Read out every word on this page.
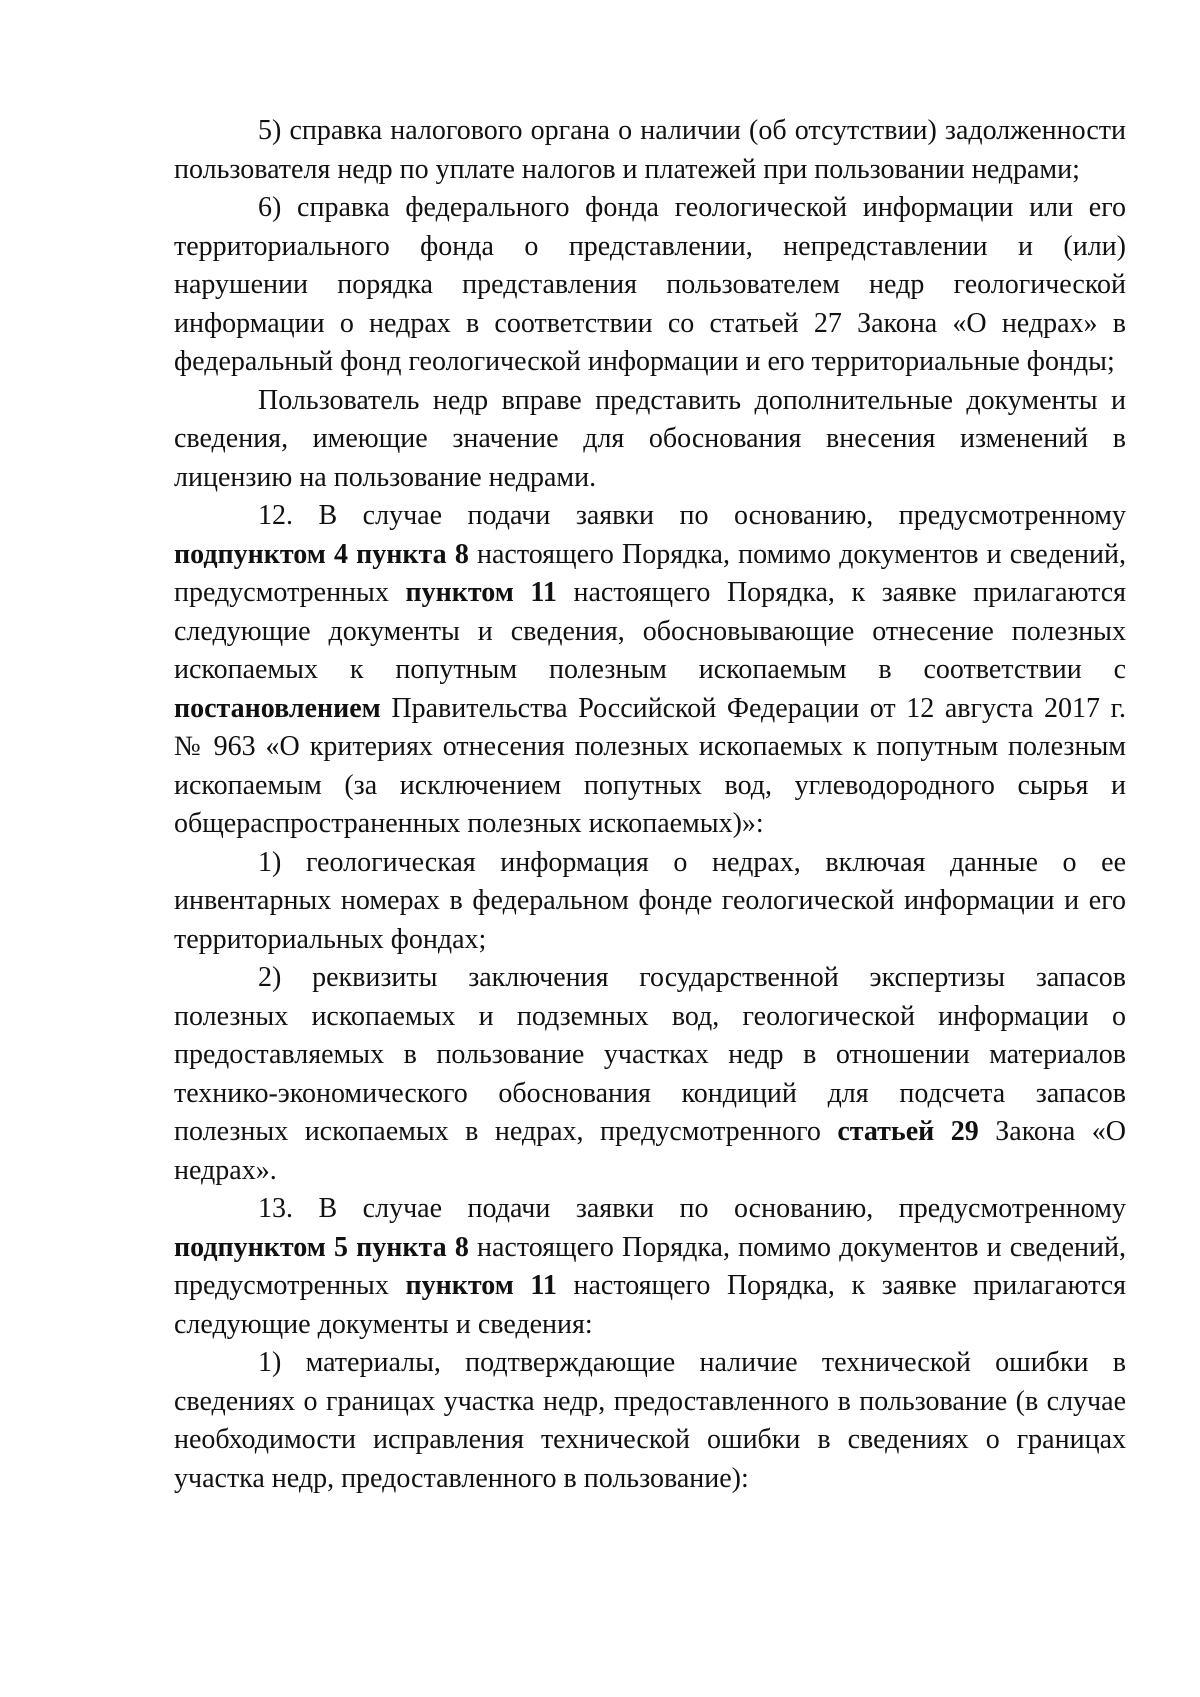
5) справка налогового органа о наличии (об отсутствии) задолженности пользователя недр по уплате налогов и платежей при пользовании недрами;

6) справка федерального фонда геологической информации или его территориального фонда о представлении, непредставлении и (или) нарушении порядка представления пользователем недр геологической информации о недрах в соответствии со статьей 27 Закона «О недрах» в федеральный фонд геологической информации и его территориальные фонды;

Пользователь недр вправе представить дополнительные документы и сведения, имеющие значение для обоснования внесения изменений в лицензию на пользование недрами.

12. В случае подачи заявки по основанию, предусмотренному подпунктом 4 пункта 8 настоящего Порядка, помимо документов и сведений, предусмотренных пунктом 11 настоящего Порядка, к заявке прилагаются следующие документы и сведения, обосновывающие отнесение полезных ископаемых к попутным полезным ископаемым в соответствии с постановлением Правительства Российской Федерации от 12 августа 2017 г. № 963 «О критериях отнесения полезных ископаемых к попутным полезным ископаемым (за исключением попутных вод, углеводородного сырья и общераспространенных полезных ископаемых)»:

1) геологическая информация о недрах, включая данные о ее инвентарных номерах в федеральном фонде геологической информации и его территориальных фондах;

2) реквизиты заключения государственной экспертизы запасов полезных ископаемых и подземных вод, геологической информации о предоставляемых в пользование участках недр в отношении материалов технико-экономического обоснования кондиций для подсчета запасов полезных ископаемых в недрах, предусмотренного статьей 29 Закона «О недрах».

13. В случае подачи заявки по основанию, предусмотренному подпунктом 5 пункта 8 настоящего Порядка, помимо документов и сведений, предусмотренных пунктом 11 настоящего Порядка, к заявке прилагаются следующие документы и сведения:

1) материалы, подтверждающие наличие технической ошибки в сведениях о границах участка недр, предоставленного в пользование (в случае необходимости исправления технической ошибки в сведениях о границах участка недр, предоставленного в пользование):
